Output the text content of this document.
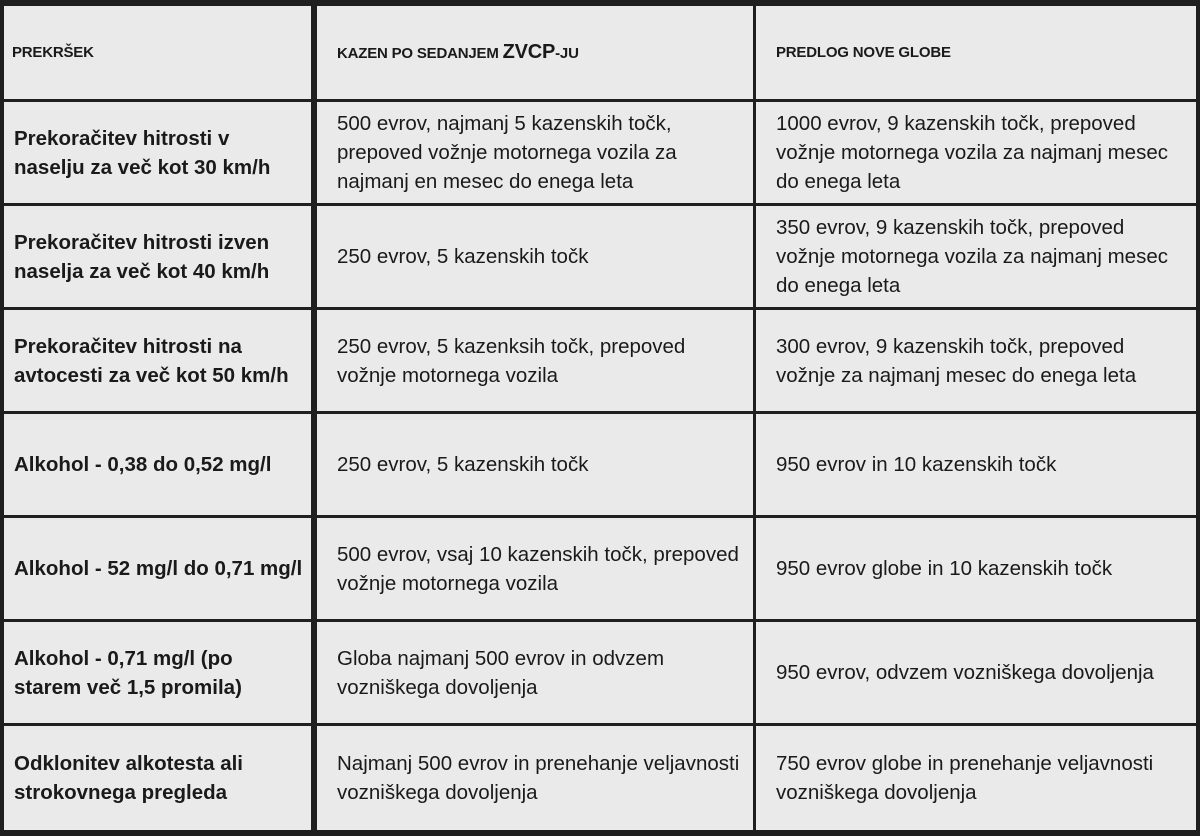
PREKRŠEK	KAZEN PO SEDANJEM ZVCP-JU	PREDLOG NOVE GLOBE
Prekoračitev hitrosti v naselju za več kot 30 km/h	500 evrov, najmanj 5 kazenskih točk, prepoved vožnje motornega vozila za najmanj en mesec do enega leta	1000 evrov, 9 kazenskih točk, prepoved vožnje motornega vozila za najmanj mesec do enega leta
Prekoračitev hitrosti izven naselja za več kot 40 km/h	250 evrov, 5 kazenskih točk	350 evrov, 9 kazenskih točk, prepoved vožnje motornega vozila za najmanj mesec do enega leta
Prekoračitev hitrosti na avtocesti za več kot 50 km/h	250 evrov, 5 kazenksih točk, prepoved vožnje motornega vozila	300 evrov, 9 kazenskih točk, prepoved vožnje za najmanj mesec do enega leta
Alkohol - 0,38 do 0,52 mg/l	250 evrov, 5 kazenskih točk	950 evrov in 10 kazenskih točk
Alkohol - 52 mg/l do 0,71 mg/l	500 evrov, vsaj 10 kazenskih točk, prepoved vožnje motornega vozila	950 evrov globe in 10 kazenskih točk
Alkohol - 0,71 mg/l (po starem več 1,5 promila)	Globa najmanj 500 evrov in odvzem vozniškega dovoljenja	950 evrov, odvzem vozniškega dovoljenja
Odklonitev alkotesta ali strokovnega pregleda	Najmanj 500 evrov in prenehanje veljavnosti vozniškega dovoljenja	750 evrov globe in prenehanje veljavnosti vozniškega dovoljenja
